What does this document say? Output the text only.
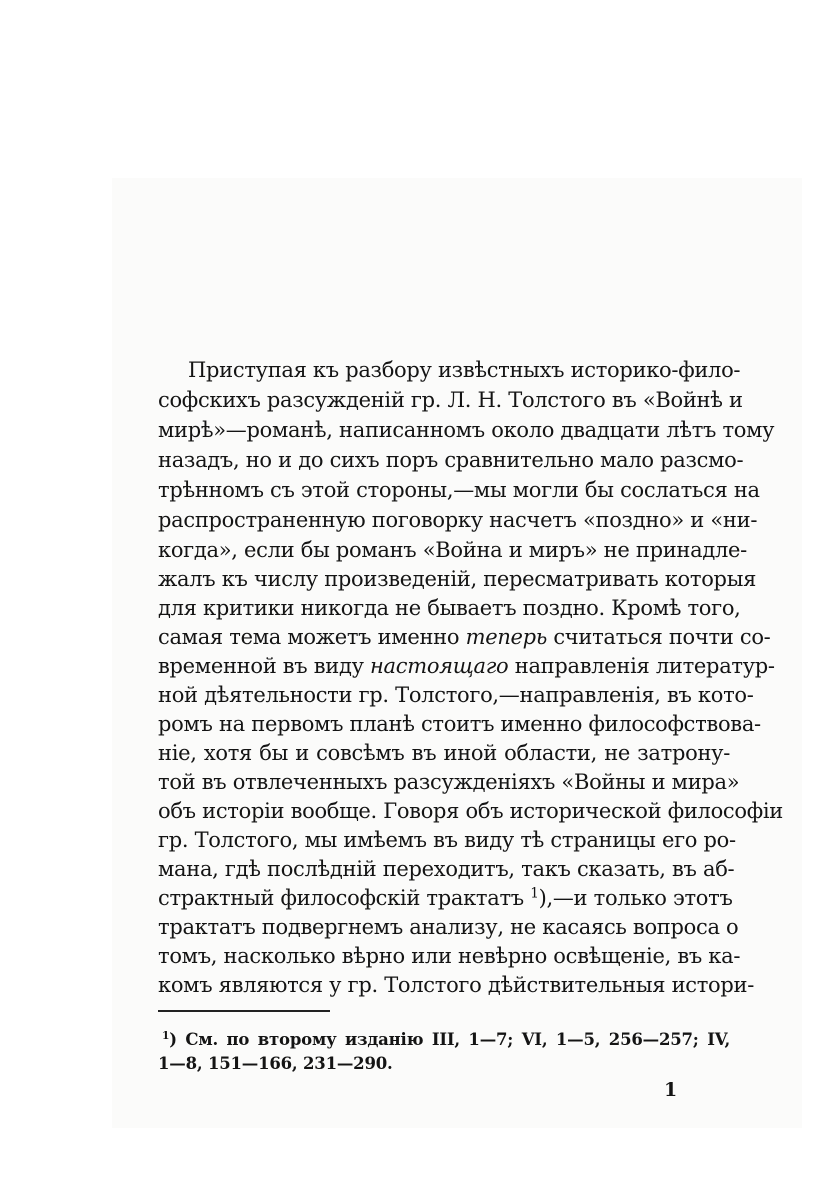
Приступая къ разбору извѣстныхъ историко-фило-

софскихъ разсужденiй гр. Л. Н. Толстого въ «Войнѣ и

мирѣ»—романѣ, написанномъ около двадцати лѣтъ тому

назадъ, но и до сихъ поръ сравнительно мало разсмо-

трѣнномъ съ этой стороны,—мы могли бы сослаться на

распространенную поговорку насчетъ «поздно» и «ни-

когда», если бы романъ «Война и миръ» не принадле-

жалъ къ числу произведенiй, пересматривать которыя

для критики никогда не бываетъ поздно. Кромѣ того,

самая тема можетъ именно теперь считаться почти со-

временной въ виду настоящаго направленiя литератур-

ной дѣятельности гр. Толстого,—направленiя, въ кото-

ромъ на первомъ планѣ стоитъ именно философствова-

нiе, хотя бы и совсѣмъ въ иной области, не затрону-

той въ отвлеченныхъ разсужденiяхъ «Войны и мира»

объ исторiи вообще. Говоря объ исторической философiи

гр. Толстого, мы имѣемъ въ виду тѣ страницы его ро-

мана, гдѣ послѣднiй переходитъ, такъ сказать, въ аб-

страктный философскiй трактатъ $^1$),—и только этотъ

трактатъ подвергнемъ анализу, не касаясь вопроса о

томъ, насколько вѣрно или невѣрно освѣщенiе, въ ка-

комъ являются у гр. Толстого дѣйствительныя истори-

$^1$) См. по второму изданiю III, 1—7; VI, 1—5, 256—257; IV,

1—8, 151—166, 231—290.

1
